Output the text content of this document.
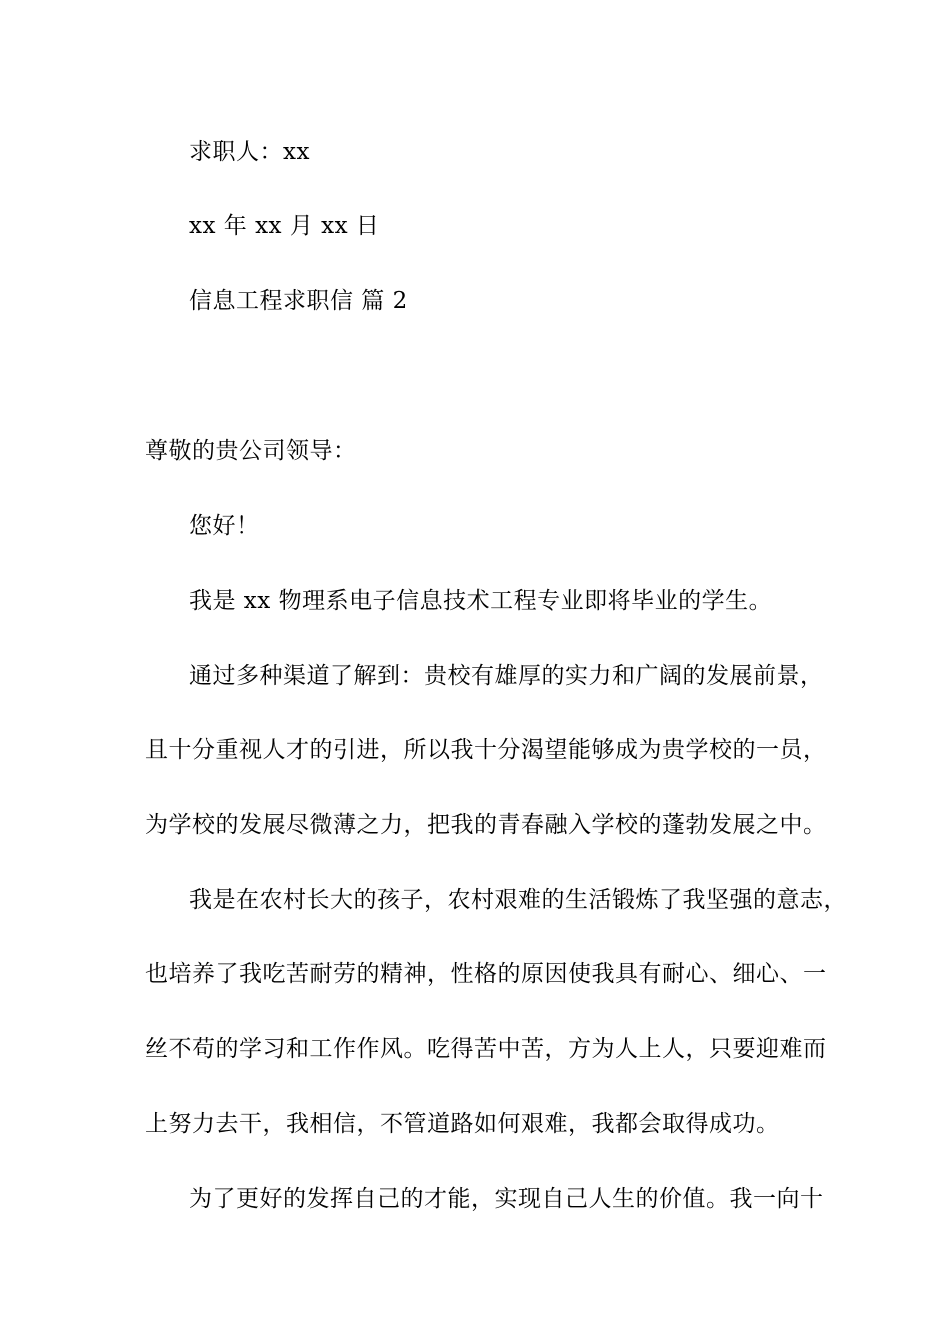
求职人：xx
xx 年 xx 月 xx 日
信息工程求职信 篇 2
尊敬的贵公司领导：
您好！
我是 xx 物理系电子信息技术工程专业即将毕业的学生。
通过多种渠道了解到：贵校有雄厚的实力和广阔的发展前景，
且十分重视人才的引进，所以我十分渴望能够成为贵学校的一员，
为学校的发展尽微薄之力，把我的青春融入学校的蓬勃发展之中。
我是在农村长大的孩子，农村艰难的生活锻炼了我坚强的意志，
也培养了我吃苦耐劳的精神，性格的原因使我具有耐心、细心、一
丝不苟的学习和工作作风。吃得苦中苦，方为人上人，只要迎难而
上努力去干，我相信，不管道路如何艰难，我都会取得成功。
为了更好的发挥自己的才能，实现自己人生的价值。我一向十
